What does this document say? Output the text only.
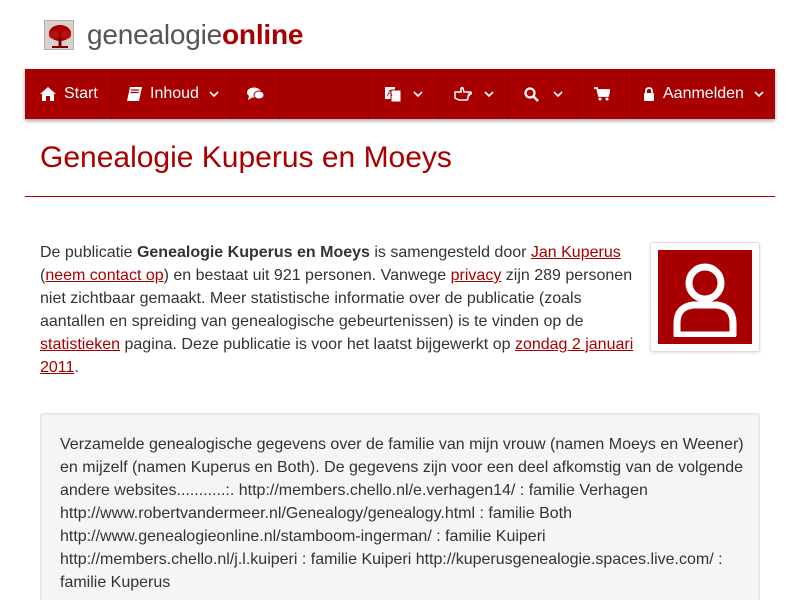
genealogieonline
Start	Inhoud	A	Aanmelden
Genealogie Kuperus en Moeys

De publicatie Genealogie Kuperus en Moeys is samengesteld door Jan Kuperus (neem contact op) en bestaat uit 921 personen. Vanwege privacy zijn 289 personen niet zichtbaar gemaakt. Meer statistische informatie over de publicatie (zoals aantallen en spreiding van genealogische gebeurtenissen) is te vinden op de statistieken pagina. Deze publicatie is voor het laatst bijgewerkt op zondag 2 januari 2011.

Verzamelde genealogische gegevens over de familie van mijn vrouw (namen Moeys en Weener) en mijzelf (namen Kuperus en Both). De gegevens zijn voor een deel afkomstig van de volgende andere websites...........:. http://members.chello.nl/e.verhagen14/ : familie Verhagen http://www.robertvandermeer.nl/Genealogy/genealogy.html : familie Both http://www.genealogieonline.nl/stamboom-ingerman/ : familie Kuiperi http://members.chello.nl/j.l.kuiperi : familie Kuiperi http://kuperusgenealogie.spaces.live.com/ : familie Kuperus
